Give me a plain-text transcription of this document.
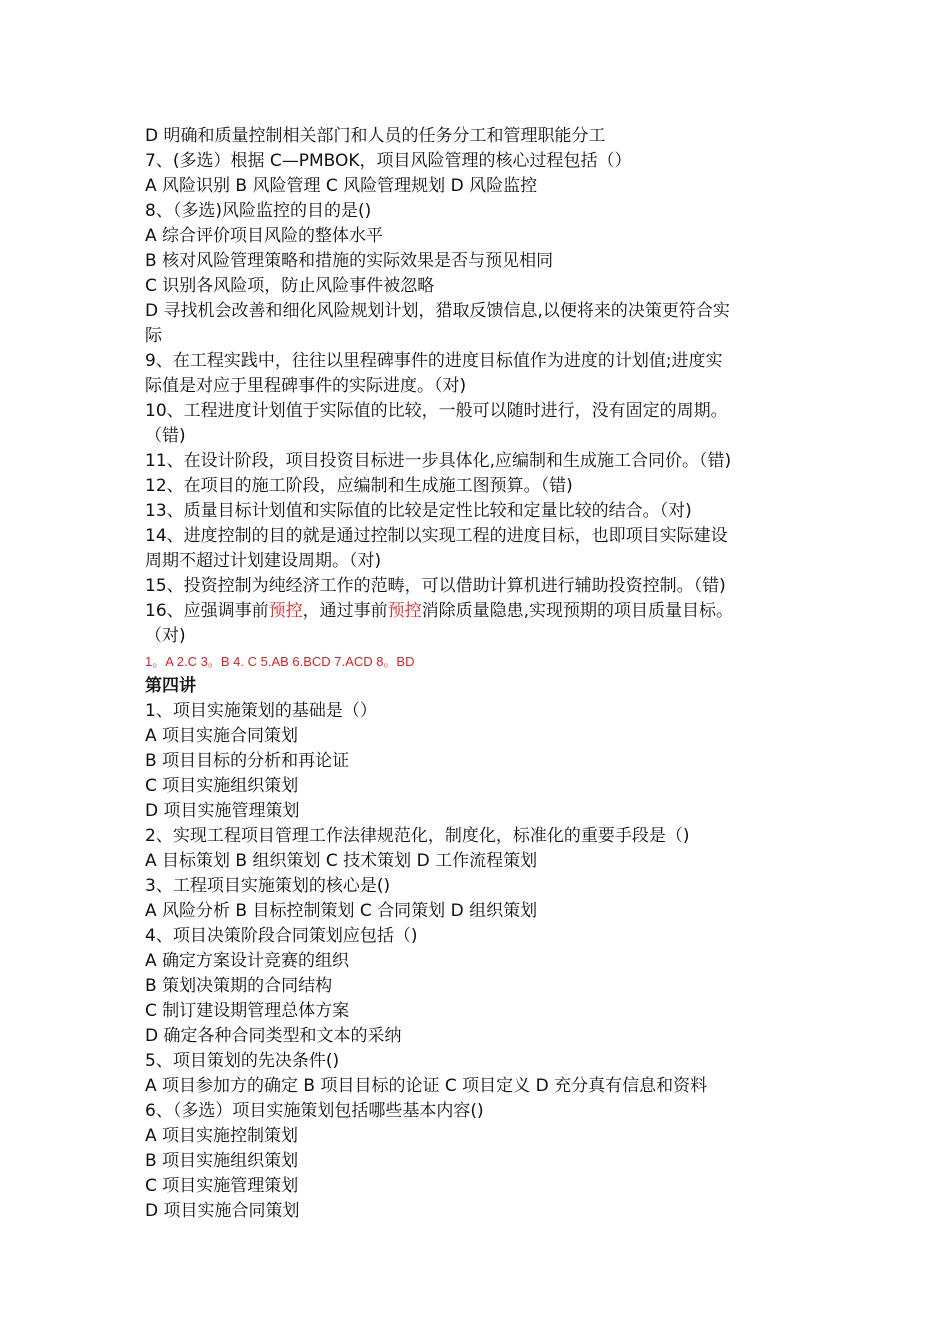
D 明确和质量控制相关部门和人员的任务分工和管理职能分工
7、(多选）根据 C—PMBOK，项目风险管理的核心过程包括（）
A 风险识别 B 风险管理 C 风险管理规划 D 风险监控
8、（多选)风险监控的目的是()
A 综合评价项目风险的整体水平
B 核对风险管理策略和措施的实际效果是否与预见相同
C 识别各风险项，防止风险事件被忽略
D 寻找机会改善和细化风险规划计划，猎取反馈信息,以便将来的决策更符合实
际
9、在工程实践中，往往以里程碑事件的进度目标值作为进度的计划值;进度实
际值是对应于里程碑事件的实际进度。（对)
10、工程进度计划值于实际值的比较，一般可以随时进行，没有固定的周期。
（错)
11、在设计阶段，项目投资目标进一步具体化,应编制和生成施工合同价。（错)
12、在项目的施工阶段，应编制和生成施工图预算。（错)
13、质量目标计划值和实际值的比较是定性比较和定量比较的结合。（对)
14、进度控制的目的就是通过控制以实现工程的进度目标，也即项目实际建设
周期不超过计划建设周期。（对)
15、投资控制为纯经济工作的范畴，可以借助计算机进行辅助投资控制。（错)
16、应强调事前预控，通过事前预控消除质量隐患,实现预期的项目质量目标。
（对)
1。A 2.C 3。B 4. C 5.AB 6.BCD 7.ACD 8。BD
第四讲
1、项目实施策划的基础是（）
A 项目实施合同策划
B 项目目标的分析和再论证
C 项目实施组织策划
D 项目实施管理策划
2、实现工程项目管理工作法律规范化，制度化，标准化的重要手段是（)
A 目标策划 B 组织策划 C 技术策划 D 工作流程策划
3、工程项目实施策划的核心是()
A 风险分析 B 目标控制策划 C 合同策划 D 组织策划
4、项目决策阶段合同策划应包括（)
A 确定方案设计竞赛的组织
B 策划决策期的合同结构
C 制订建设期管理总体方案
D 确定各种合同类型和文本的采纳
5、项目策划的先决条件()
A 项目参加方的确定 B 项目目标的论证 C 项目定义 D 充分真有信息和资料
6、（多选）项目实施策划包括哪些基本内容()
A 项目实施控制策划
B 项目实施组织策划
C 项目实施管理策划
D 项目实施合同策划
